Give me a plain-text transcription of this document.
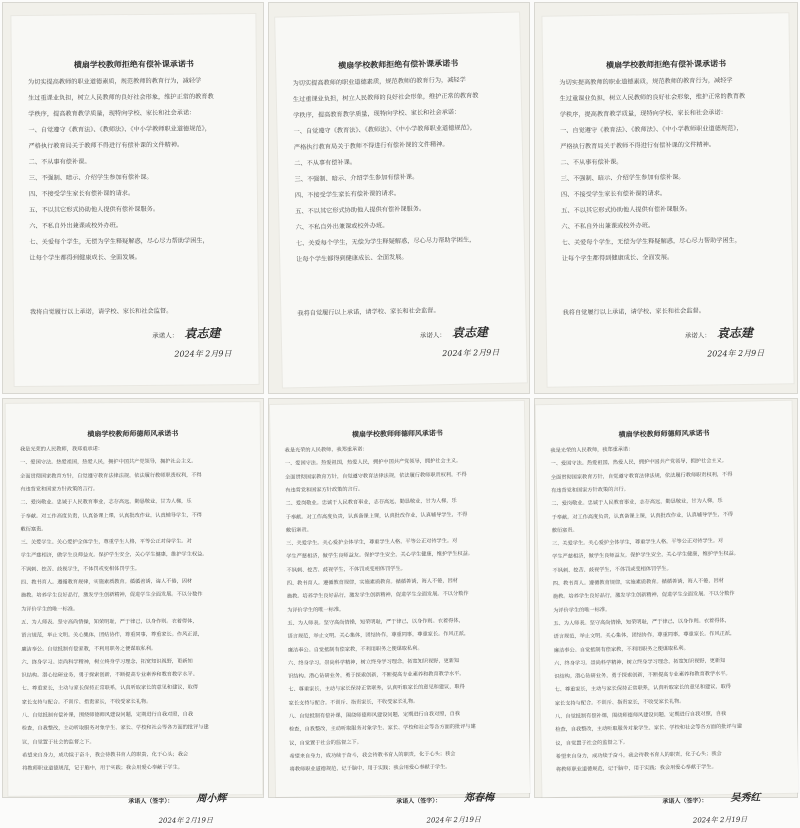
横扇学校教师拒绝有偿补课承诺书
为切实提高教师的职业道德素质，规范教师的教育行为，减轻学
生过重课业负担，树立人民教师的良好社会形象，维护正常的教育教
学秩序，提高教育教学质量，现特向学校、家长和社会承诺：
一、自觉遵守《教育法》、《教师法》、《中小学教师职业道德规范》，
严格执行教育局关于教师不得进行有偿补课的文件精神。
二、不从事有偿补课。
三、不强制、暗示、介绍学生参加有偿补课。
四、不接受学生家长有偿补课的请求。
五、不以其它形式协助他人提供有偿补课服务。
六、不私自外出兼课或校外办班。
七、关爱每个学生，无偿为学生释疑解惑，尽心尽力帮助学困生，
让每个学生都得到健康成长、全面发展。
我将自觉履行以上承诺，请学校、家长和社会监督。
承诺人： 袁志建
2024年 2月9日
横扇学校教师拒绝有偿补课承诺书
为切实提高教师的职业道德素质，规范教师的教育行为，减轻学
生过重课业负担，树立人民教师的良好社会形象，维护正常的教育教
学秩序，提高教育教学质量，现特向学校、家长和社会承诺：
一、自觉遵守《教育法》、《教师法》、《中小学教师职业道德规范》，
严格执行教育局关于教师不得进行有偿补课的文件精神。
二、不从事有偿补课。
三、不强制、暗示、介绍学生参加有偿补课。
四、不接受学生家长有偿补课的请求。
五、不以其它形式协助他人提供有偿补课服务。
六、不私自外出兼课或校外办班。
七、关爱每个学生，无偿为学生释疑解惑，尽心尽力帮助学困生，
让每个学生都得到健康成长、全面发展。
我将自觉履行以上承诺，请学校、家长和社会监督。
承诺人： 袁志建
2024年 2月9日
横扇学校教师拒绝有偿补课承诺书
为切实提高教师的职业道德素质，规范教师的教育行为，减轻学
生过重课业负担，树立人民教师的良好社会形象，维护正常的教育教
学秩序，提高教育教学质量，现特向学校、家长和社会承诺：
一、自觉遵守《教育法》、《教师法》、《中小学教师职业道德规范》，
严格执行教育局关于教师不得进行有偿补课的文件精神。
二、不从事有偿补课。
三、不强制、暗示、介绍学生参加有偿补课。
四、不接受学生家长有偿补课的请求。
五、不以其它形式协助他人提供有偿补课服务。
六、不私自外出兼课或校外办班。
七、关爱每个学生，无偿为学生释疑解惑，尽心尽力帮助学困生，
让每个学生都得到健康成长、全面发展。
我将自觉履行以上承诺，请学校、家长和社会监督。
承诺人： 袁志建
2024年 2月9日
横扇学校教师师德师风承诺书
我是光荣的人民教师，我郑重承诺：
一、爱国守法。热爱祖国，热爱人民，拥护中国共产党领导，拥护社会主义。
全面贯彻国家教育方针，自觉遵守教育法律法规，依法履行教师职责权利，不得
有违背党和国家方针政策的言行。
二、爱岗敬业。忠诚于人民教育事业，志存高远，勤恳敬业，甘为人梯，乐
于奉献。对工作高度负责，认真备课上课，认真批改作业，认真辅导学生，不得
敷衍塞责。
三、关爱学生。关心爱护全体学生，尊重学生人格，平等公正对待学生。对
学生严慈相济，做学生良师益友。保护学生安全，关心学生健康，维护学生权益。
不讽刺、挖苦、歧视学生，不体罚或变相体罚学生。
四、教书育人。遵循教育规律，实施素质教育。循循善诱，诲人不倦，因材
施教。培养学生良好品行，激发学生创新精神，促进学生全面发展。不以分数作
为评价学生的唯一标准。
五、为人师表。坚守高尚情操，知荣明耻，严于律己，以身作则。衣着得体，
语言规范，举止文明。关心集体，团结协作，尊重同事，尊重家长。作风正派，
廉洁奉公。自觉抵制有偿家教，不利用职务之便谋取私利。
六、终身学习。崇尚科学精神，树立终身学习理念，拓宽知识视野，更新知
识结构。潜心钻研业务，勇于探索创新，不断提高专业素养和教育教学水平。
七、尊重家长，主动与家长保持正常联系，认真听取家长的意见和建议，取得
家长支持与配合。不训斥、指责家长，不收受家长礼物。
八、自觉抵制有偿补课，围绕师德师风建设问题，定期进行自我对照，自我
检查，自我整改，主动听取服务对象学生、家长、学校和社会等各方面的批评与建
议，自觉置于社会的监督之下。
希望来自身力，成功续于奋斗，我会待教书育人的职责，化于心头；我会
将教师职业道德规范，记于脑中，用于实践；我会用爱心奉献于学生。
承诺人（签字）： 周小辉
2024年 2月19日
横扇学校教师师德师风承诺书
我是光荣的人民教师，我郑重承诺：
一、爱国守法。热爱祖国，热爱人民，拥护中国共产党领导，拥护社会主义。
全面贯彻国家教育方针，自觉遵守教育法律法规，依法履行教师职责权利，不得
有违背党和国家方针政策的言行。
二、爱岗敬业。忠诚于人民教育事业，志存高远，勤恳敬业，甘为人梯，乐
于奉献。对工作高度负责，认真备课上课，认真批改作业，认真辅导学生，不得
敷衍塞责。
三、关爱学生。关心爱护全体学生，尊重学生人格，平等公正对待学生。对
学生严慈相济，做学生良师益友。保护学生安全，关心学生健康，维护学生权益。
不讽刺、挖苦、歧视学生，不体罚或变相体罚学生。
四、教书育人。遵循教育规律，实施素质教育。循循善诱，诲人不倦，因材
施教。培养学生良好品行，激发学生创新精神，促进学生全面发展。不以分数作
为评价学生的唯一标准。
五、为人师表。坚守高尚情操，知荣明耻，严于律己，以身作则。衣着得体，
语言规范，举止文明。关心集体，团结协作，尊重同事，尊重家长。作风正派，
廉洁奉公。自觉抵制有偿家教，不利用职务之便谋取私利。
六、终身学习。崇尚科学精神，树立终身学习理念，拓宽知识视野，更新知
识结构。潜心钻研业务，勇于探索创新，不断提高专业素养和教育教学水平。
七、尊重家长，主动与家长保持正常联系，认真听取家长的意见和建议，取得
家长支持与配合。不训斥、指责家长，不收受家长礼物。
八、自觉抵制有偿补课，围绕师德师风建设问题，定期进行自我对照，自我
检查，自我整改，主动听取服务对象学生、家长、学校和社会等各方面的批评与建
议，自觉置于社会的监督之下。
希望来自身力，成功续于奋斗，我会待教书育人的职责，化于心头；我会
将教师职业道德规范，记于脑中，用于实践；我会用爱心奉献于学生。
承诺人（签字）： 郑春梅
2024年 2月19日
横扇学校教师师德师风承诺书
我是光荣的人民教师，我郑重承诺：
一、爱国守法。热爱祖国，热爱人民，拥护中国共产党领导，拥护社会主义。
全面贯彻国家教育方针，自觉遵守教育法律法规，依法履行教师职责权利，不得
有违背党和国家方针政策的言行。
二、爱岗敬业。忠诚于人民教育事业，志存高远，勤恳敬业，甘为人梯，乐
于奉献。对工作高度负责，认真备课上课，认真批改作业，认真辅导学生，不得
敷衍塞责。
三、关爱学生。关心爱护全体学生，尊重学生人格，平等公正对待学生。对
学生严慈相济，做学生良师益友。保护学生安全，关心学生健康，维护学生权益。
不讽刺、挖苦、歧视学生，不体罚或变相体罚学生。
四、教书育人。遵循教育规律，实施素质教育。循循善诱，诲人不倦，因材
施教。培养学生良好品行，激发学生创新精神，促进学生全面发展。不以分数作
为评价学生的唯一标准。
五、为人师表。坚守高尚情操，知荣明耻，严于律己，以身作则。衣着得体，
语言规范，举止文明。关心集体，团结协作，尊重同事，尊重家长。作风正派，
廉洁奉公。自觉抵制有偿家教，不利用职务之便谋取私利。
六、终身学习。崇尚科学精神，树立终身学习理念，拓宽知识视野，更新知
识结构。潜心钻研业务，勇于探索创新，不断提高专业素养和教育教学水平。
七、尊重家长，主动与家长保持正常联系，认真听取家长的意见和建议，取得
家长支持与配合。不训斥、指责家长，不收受家长礼物。
八、自觉抵制有偿补课，围绕师德师风建设问题，定期进行自我对照，自我
检查，自我整改，主动听取服务对象学生、家长、学校和社会等各方面的批评与建
议，自觉置于社会的监督之下。
希望来自身力，成功续于奋斗，我会待教书育人的职责，化于心头；我会
将教师职业道德规范，记于脑中，用于实践；我会用爱心奉献于学生。
承诺人（签字）： 吴秀红
2024年 2月19日
